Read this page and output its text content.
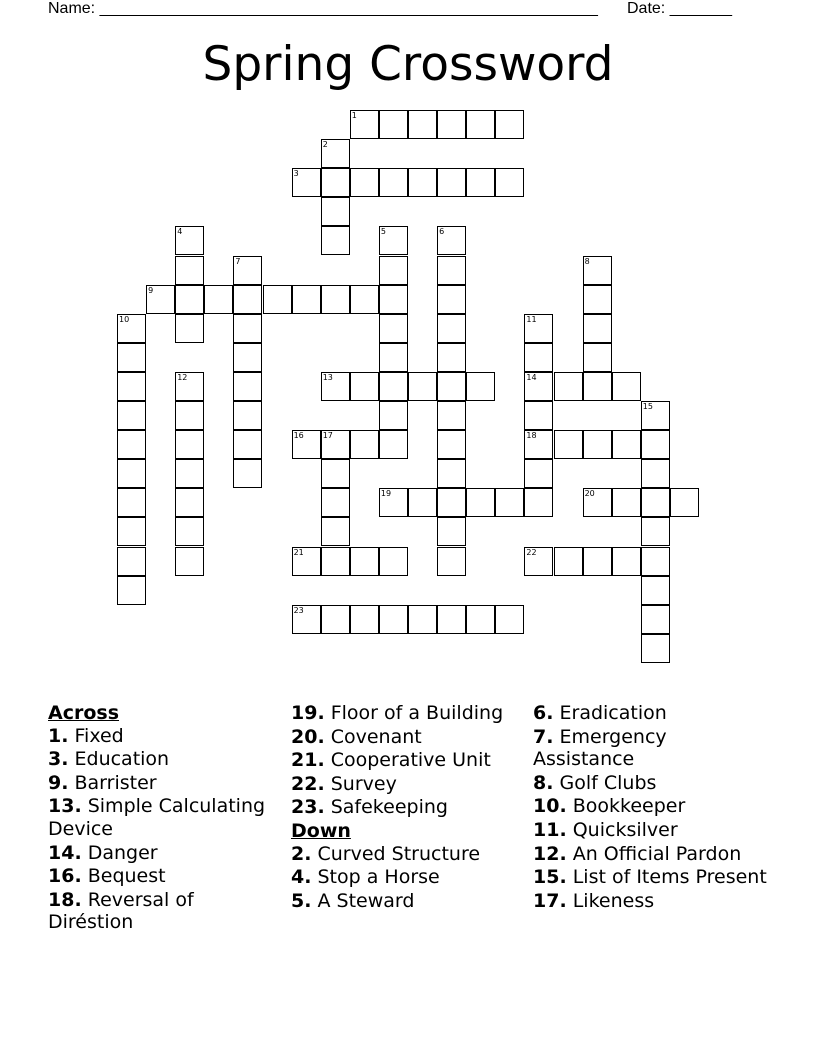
Name: ________________________________________________________ Date: _______
Spring Crossword
1
2
3
4	5	6
7	8
9
10	11
14
18
12	13
15
16 17
19	20
21	22
23
Across

1. Fixed

3. Education

9. Barrister

13. Simple Calculating Device

14. Danger

16. Bequest

18. Reversal of Diréstion

19. Floor of a Building

20. Covenant

21. Cooperative Unit

22. Survey

23. Safekeeping

Down

2. Curved Structure

4. Stop a Horse

5. A Steward

6. Eradication

7. Emergency Assistance

8. Golf Clubs

10. Bookkeeper

11. Quicksilver

12. An Official Pardon

15. List of Items Present

17. Likeness
